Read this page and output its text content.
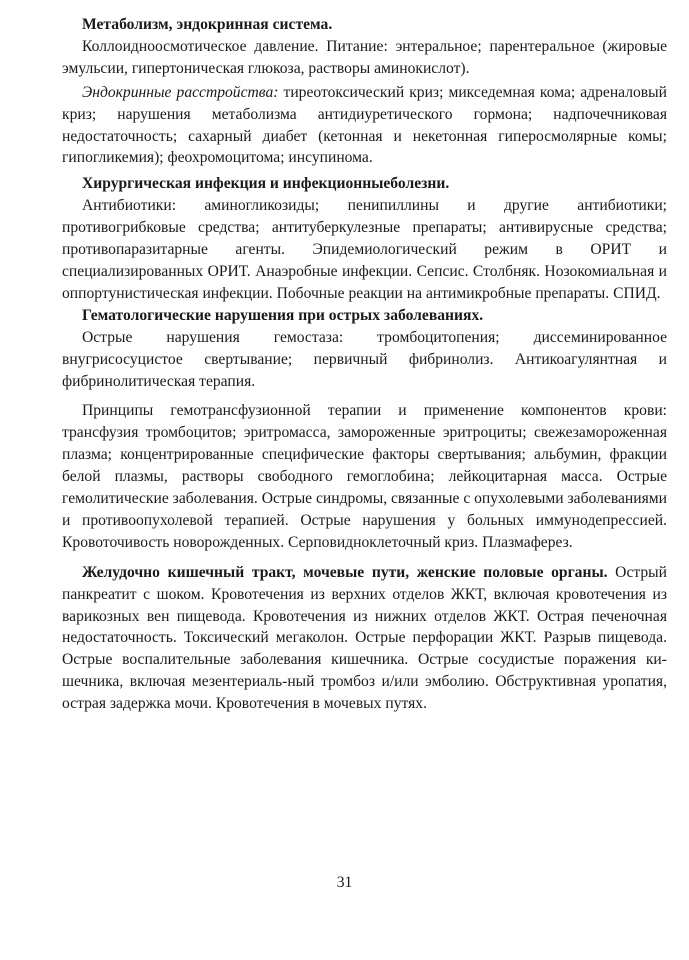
Метаболизм, эндокринная система.

Коллоидноосмотическое давление. Питание: энтеральное; парентеральное (жировые эмульсии, гипертоническая глюкоза, растворы аминокислот).

Эндокринные расстройства: тиреотоксический криз; микседемная кома; адреналовый криз; нарушения метаболизма антидиуретического гормона; надпочечниковая недостаточность; сахарный диабет (кетонная и некетонная гиперосмолярные комы; гипогликемия); феохромоцитома; инсупинома.

Хирургическая инфекция и инфекционныеболезни.

Антибиотики: аминогликозиды; пенипиллины и другие антибиотики; противогрибковые средства; антитуберкулезные препараты; антивирусные средства; противопаразитарные агенты. Эпидемиологический режим в ОРИТ и специализированных ОРИТ. Анаэробные инфекции. Сепсис. Столбняк. Нозокомиальная и оппортунистическая инфекции. Побочные реакции на антимикробные препараты. СПИД.

Гематологические нарушения при острых заболеваниях.

Острые нарушения гемостаза: тромбоцитопения; диссеминированное внугрисосуцистое свертывание; первичный фибринолиз. Антикоагулянтная и фибринолитическая терапия.

Принципы гемотрансфузионной терапии и применение компонентов крови: трансфузия тромбоцитов; эритромасса, замороженные эритроциты; свежезамороженная плазма; концентрированные специфические факторы свертывания; альбумин, фракции белой плазмы, растворы свободного гемоглобина; лейкоцитарная масса. Острые гемолитические заболевания. Острые синдромы, связанные с опухолевыми заболеваниями и противоопухолевой терапией. Острые нарушения у больных иммунодепрессией. Кровоточивость новорожденных. Серповидноклеточный криз. Плазмаферез.

Желудочно кишечный тракт, мочевые пути, женские половые органы. Острый панкреатит с шоком. Кровотечения из верхних отделов ЖКТ, включая кровотечения из варикозных вен пищевода. Кровотечения из нижних отделов ЖКТ. Острая печеночная недостаточность. Токсический мегаколон. Острые перфорации ЖКТ. Разрыв пищевода. Острые воспалительные заболевания кишечника. Острые сосудистые поражения кишечника, включая мезентериаль-ный тромбоз и/или эмболию. Обструктивная уропатия, острая задержка мочи. Кровотечения в мочевых путях.

31
